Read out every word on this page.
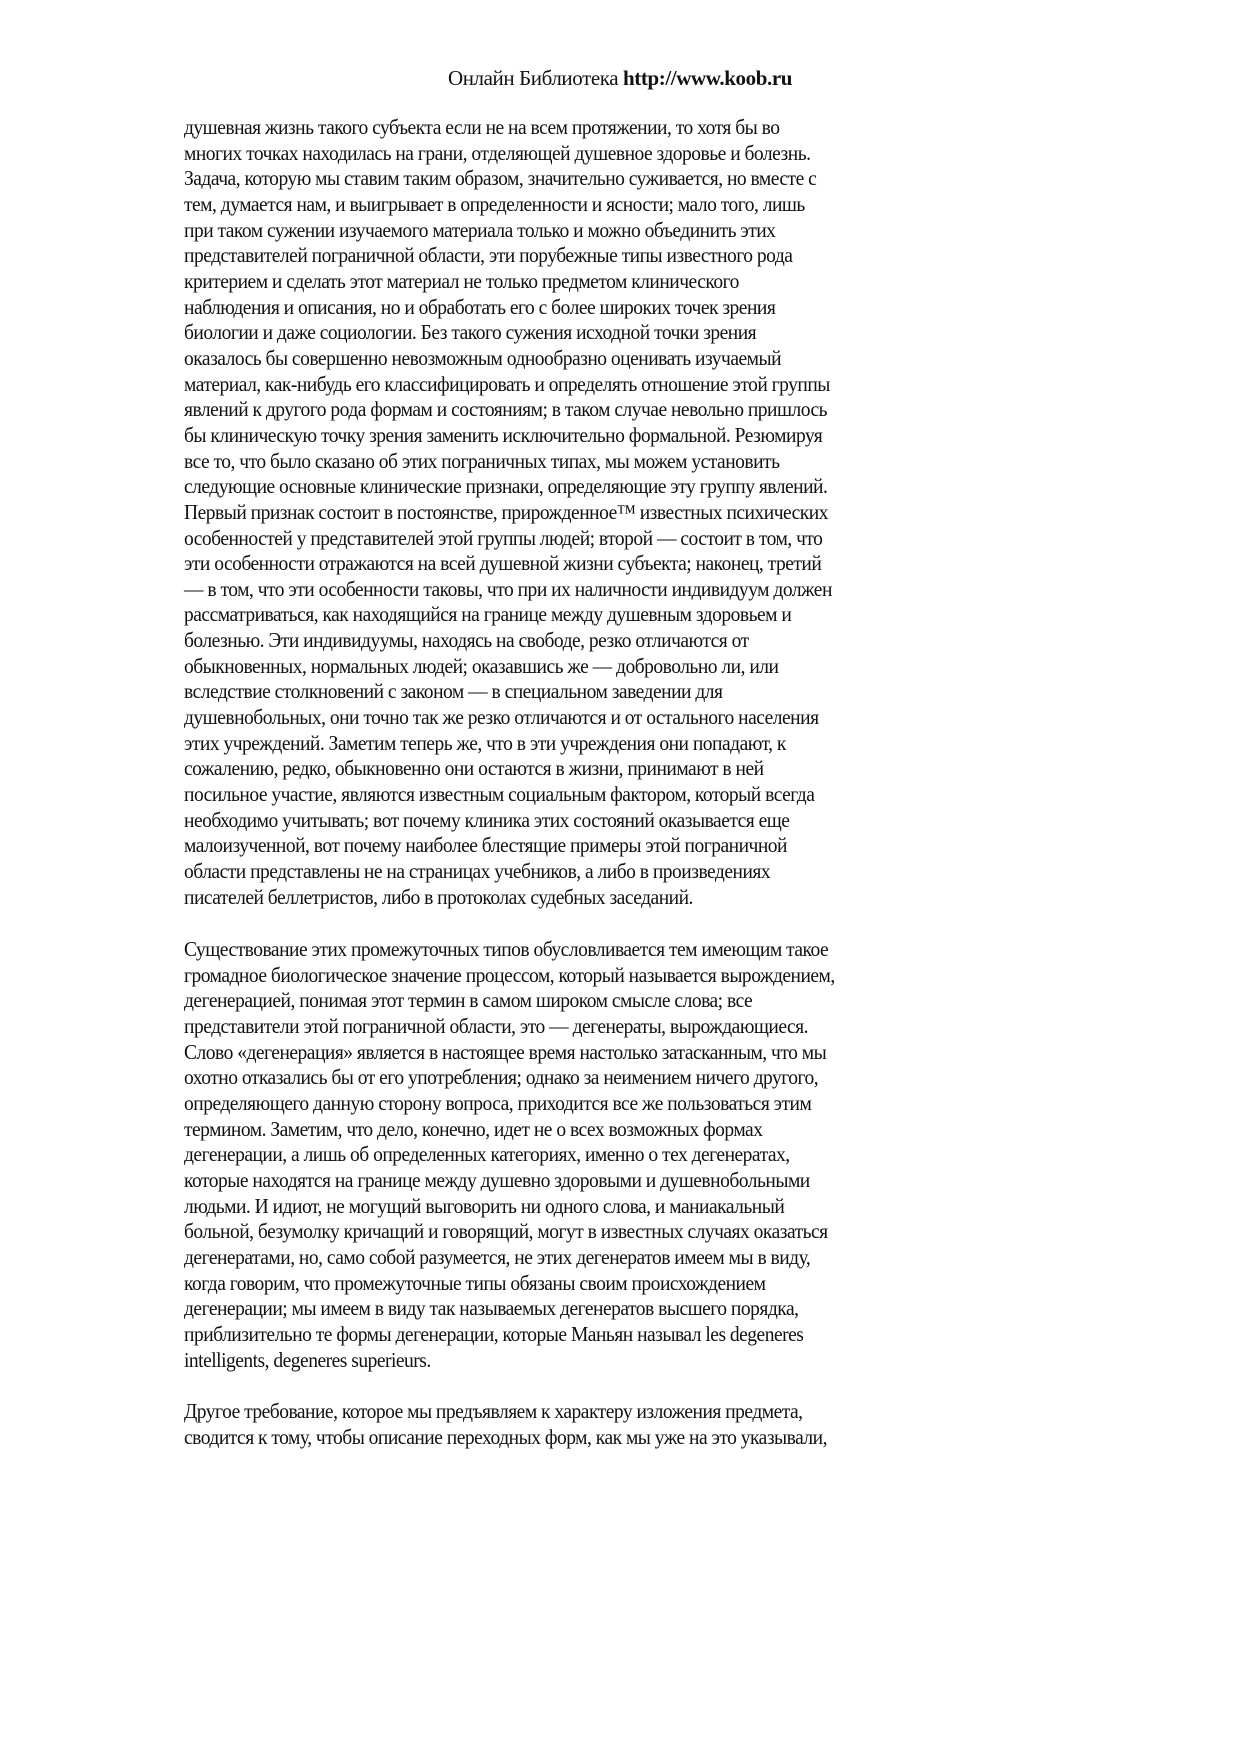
Онлайн Библиотека http://www.koob.ru
душевная жизнь такого субъекта если не на всем протяжении, то хотя бы во
многих точках находилась на грани, отделяющей душевное здоровье и болезнь.
Задача, которую мы ставим таким образом, значительно суживается, но вместе с
тем, думается нам, и выигрывает в определенности и ясности; мало того, лишь
при таком сужении изучаемого материала только и можно объединить этих
представителей пограничной области, эти порубежные типы известного рода
критерием и сделать этот материал не только предметом клинического
наблюдения и описания, но и обработать его с более широких точек зрения
биологии и даже социологии. Без такого сужения исходной точки зрения
оказалось бы совершенно невозможным однообразно оценивать изучаемый
материал, как-нибудь его классифицировать и определять отношение этой группы
явлений к другого рода формам и состояниям; в таком случае невольно пришлось
бы клиническую точку зрения заменить исключительно формальной. Резюмируя
все то, что было сказано об этих пограничных типах, мы можем установить
следующие основные клинические признаки, определяющие эту группу явлений.
Первый признак состоит в постоянстве, прирожденное™ известных психических
особенностей у представителей этой группы людей; второй — состоит в том, что
эти особенности отражаются на всей душевной жизни субъекта; наконец, третий
— в том, что эти особенности таковы, что при их наличности индивидуум должен
рассматриваться, как находящийся на границе между душевным здоровьем и
болезнью. Эти индивидуумы, находясь на свободе, резко отличаются от
обыкновенных, нормальных людей; оказавшись же — добровольно ли, или
вследствие столкновений с законом — в специальном заведении для
душевнобольных, они точно так же резко отличаются и от остального населения
этих учреждений. Заметим теперь же, что в эти учреждения они попадают, к
сожалению, редко, обыкновенно они остаются в жизни, принимают в ней
посильное участие, являются известным социальным фактором, который всегда
необходимо учитывать; вот почему клиника этих состояний оказывается еще
малоизученной, вот почему наиболее блестящие примеры этой пограничной
области представлены не на страницах учебников, а либо в произведениях
писателей беллетристов, либо в протоколах судебных заседаний.
Существование этих промежуточных типов обусловливается тем имеющим такое
громадное биологическое значение процессом, который называется вырождением,
дегенерацией, понимая этот термин в самом широком смысле слова; все
представители этой пограничной области, это — дегенераты, вырождающиеся.
Слово «дегенерация» является в настоящее время настолько затасканным, что мы
охотно отказались бы от его употребления; однако за неимением ничего другого,
определяющего данную сторону вопроса, приходится все же пользоваться этим
термином. Заметим, что дело, конечно, идет не о всех возможных формах
дегенерации, а лишь об определенных категориях, именно о тех дегенератах,
которые находятся на границе между душевно здоровыми и душевнобольными
людьми. И идиот, не могущий выговорить ни одного слова, и маниакальный
больной, безумолку кричащий и говорящий, могут в известных случаях оказаться
дегенератами, но, само собой разумеется, не этих дегенератов имеем мы в виду,
когда говорим, что промежуточные типы обязаны своим происхождением
дегенерации; мы имеем в виду так называемых дегенератов высшего порядка,
приблизительно те формы дегенерации, которые Маньян называл les degeneres
intelligents, degeneres superieurs.
Другое требование, которое мы предъявляем к характеру изложения предмета,
сводится к тому, чтобы описание переходных форм, как мы уже на это указывали,
